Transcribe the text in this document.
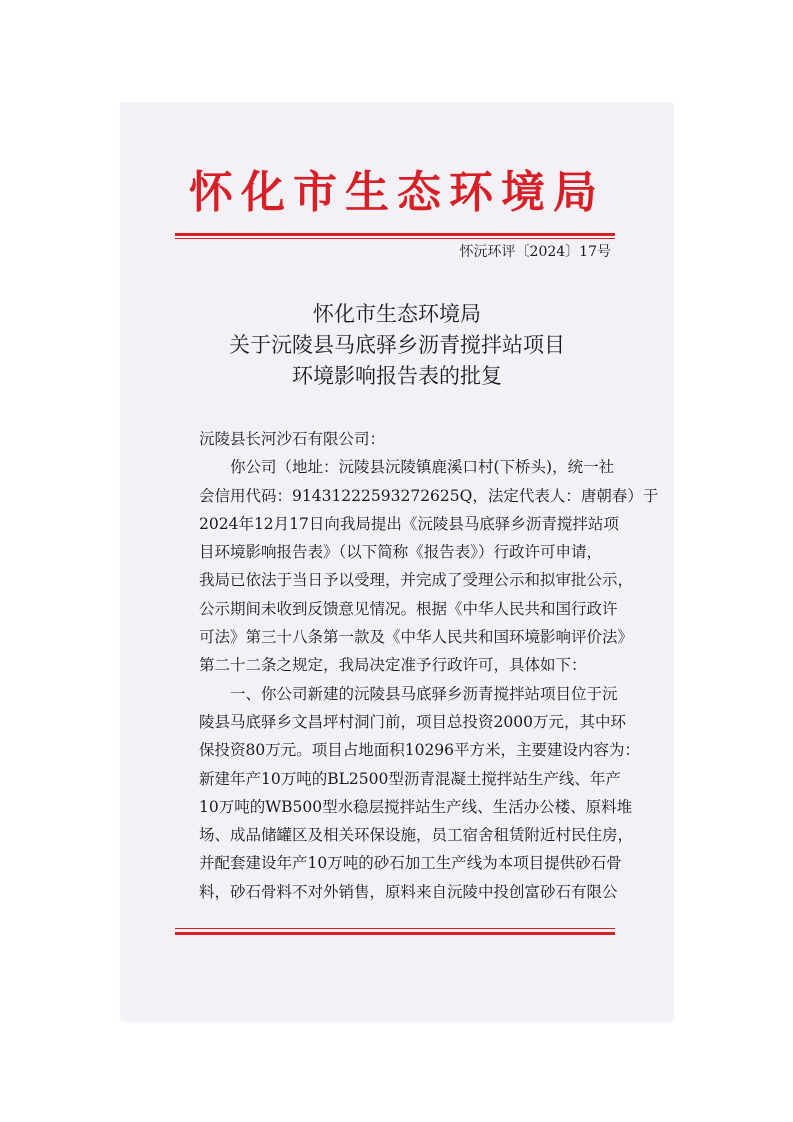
怀化市生态环境局
怀沅环评〔2024〕17号
怀化市生态环境局
关于沅陵县马底驿乡沥青搅拌站项目
环境影响报告表的批复
沅陵县长河沙石有限公司：
你公司（地址：沅陵县沅陵镇鹿溪口村(下桥头)，统一社
会信用代码：91431222593272625Q，法定代表人：唐朝春）于
2024年12月17日向我局提出《沅陵县马底驿乡沥青搅拌站项
目环境影响报告表》（以下简称《报告表》）行政许可申请，
我局已依法于当日予以受理，并完成了受理公示和拟审批公示，
公示期间未收到反馈意见情况。根据《中华人民共和国行政许
可法》第三十八条第一款及《中华人民共和国环境影响评价法》
第二十二条之规定，我局决定准予行政许可，具体如下：
一、你公司新建的沅陵县马底驿乡沥青搅拌站项目位于沅
陵县马底驿乡文昌坪村洞门前，项目总投资2000万元，其中环
保投资80万元。项目占地面积10296平方米，主要建设内容为：
新建年产10万吨的BL2500型沥青混凝土搅拌站生产线、年产
10万吨的WB500型水稳层搅拌站生产线、生活办公楼、原料堆
场、成品储罐区及相关环保设施，员工宿舍租赁附近村民住房，
并配套建设年产10万吨的砂石加工生产线为本项目提供砂石骨
料，砂石骨料不对外销售，原料来自沅陵中投创富砂石有限公
